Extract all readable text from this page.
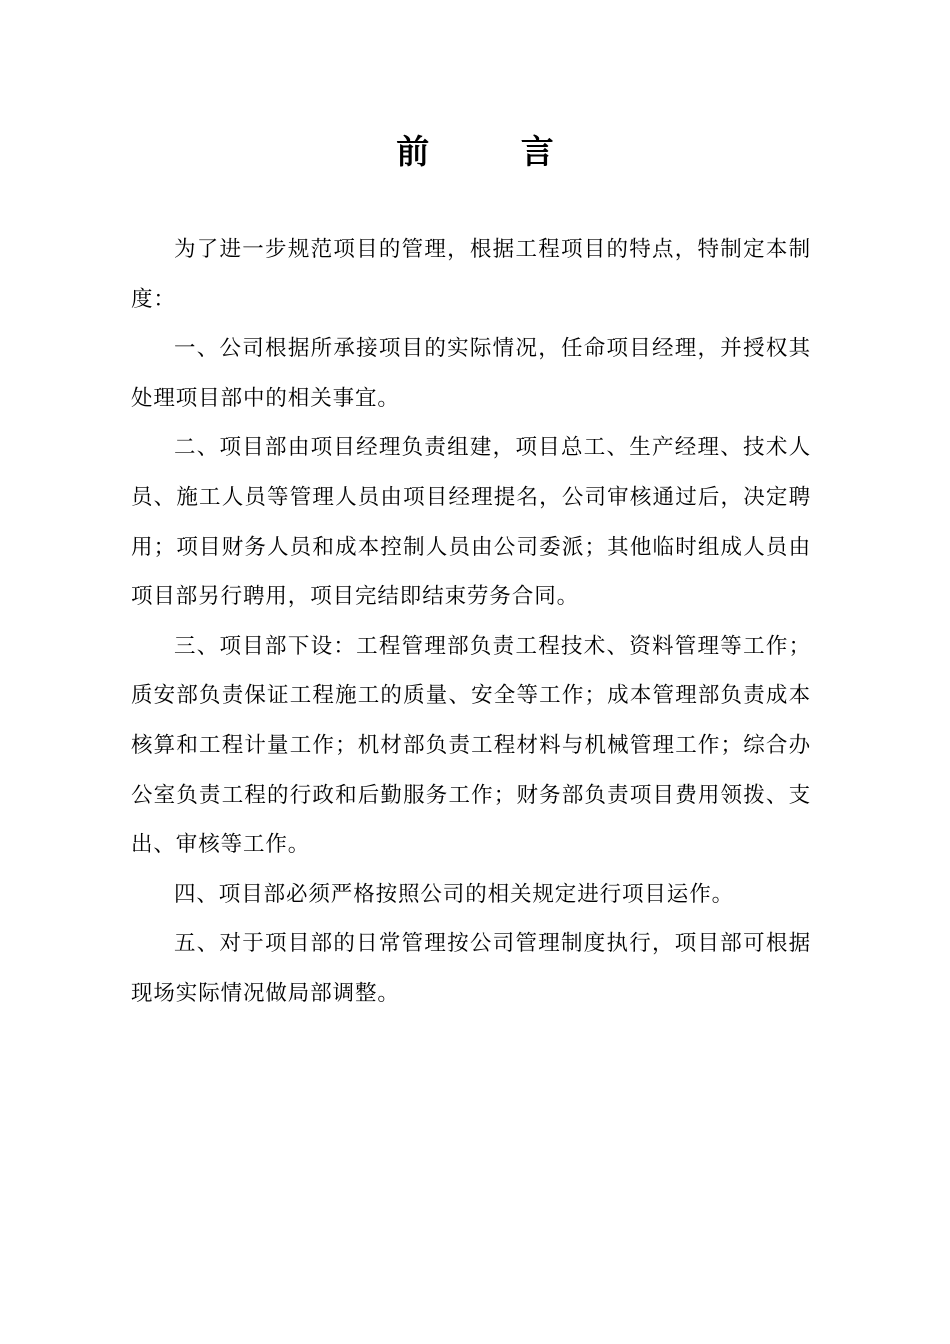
前 言

为了进一步规范项目的管理，根据工程项目的特点，特制定本制度：

一、公司根据所承接项目的实际情况，任命项目经理，并授权其处理项目部中的相关事宜。

二、项目部由项目经理负责组建，项目总工、生产经理、技术人员、施工人员等管理人员由项目经理提名，公司审核通过后，决定聘用；项目财务人员和成本控制人员由公司委派；其他临时组成人员由项目部另行聘用，项目完结即结束劳务合同。

三、项目部下设：工程管理部负责工程技术、资料管理等工作；质安部负责保证工程施工的质量、安全等工作；成本管理部负责成本核算和工程计量工作；机材部负责工程材料与机械管理工作；综合办公室负责工程的行政和后勤服务工作；财务部负责项目费用领拨、支出、审核等工作。

四、项目部必须严格按照公司的相关规定进行项目运作。

五、对于项目部的日常管理按公司管理制度执行，项目部可根据现场实际情况做局部调整。
